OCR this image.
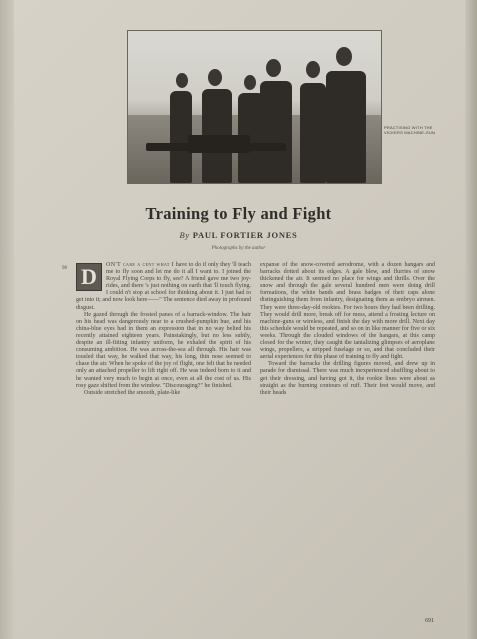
PRACTISING WITH THE VICKERS MACHINE-GUN
Training to Fly and Fight
By PAUL FORTIER JONES
Photographs by the author
98 D	ON'T care a cent what I have to do if only they 'll teach me to fly soon and let me do it all I want to. I joined the Royal Flying Corps to fly, see? A friend gave me two joy-rides, and there 's just nothing on earth that 'll touch flying. I could n't stop at school for thinking about it. I just had to get into it; and now look here——" The sentence died away in profound disgust.

He gazed through the frosted panes of a barrack-window. The hair on his head was dangerously near to a crushed-pumpkin hue, and his china-blue eyes had in them an expression that in no way belied his recently attained eighteen years. Painstakingly, but no less subtly, despite an ill-fitting infantry uniform, he exhaled the spirit of his consuming ambition. He was across-the-sea all through. His hair was tousled that way, he walked that way, his long, thin nose seemed to chase the air. When he spoke of the joy of flight, one felt that he needed only an attached propeller to lift right off. He was indeed born to it and he wanted very much to begin at once, even at all the cost of us. His rosy gaze shifted from the window. "Discouraging?" he finished.

Outside stretched the smooth, plate-like

expanse of the snow-covered aerodrome, with a dozen hangars and barracks dotted about its edges. A gale blew, and flurries of snow thickened the air. It seemed no place for wings and thrills. Over the snow and through the gale several hundred men were doing drill formations, the white bands and brass badges of their caps alone distinguishing them from infantry, designating them as embryo airmen. They were three-day-old rookies. For two hours they had been drilling. They would drill more, break off for mess, attend a frosting lecture on machine-guns or wireless, and finish the day with more drill. Next day this schedule would be repeated, and so on in like manner for five or six weeks. Through the clouded windows of the hangars, at this camp closed for the winter, they caught the tantalizing glimpses of aeroplane wings, propellers, a stripped fuselage or so, and that concluded their aerial experiences for this phase of training to fly and fight.

Toward the barracks the drilling figures moved, and drew up in parade for dismissal. There was much inexperienced shuffling about to get their dressing, and having got it, the rookie lines were about as straight as the burning contours of ruff. Their feet would move, and their heads

691
